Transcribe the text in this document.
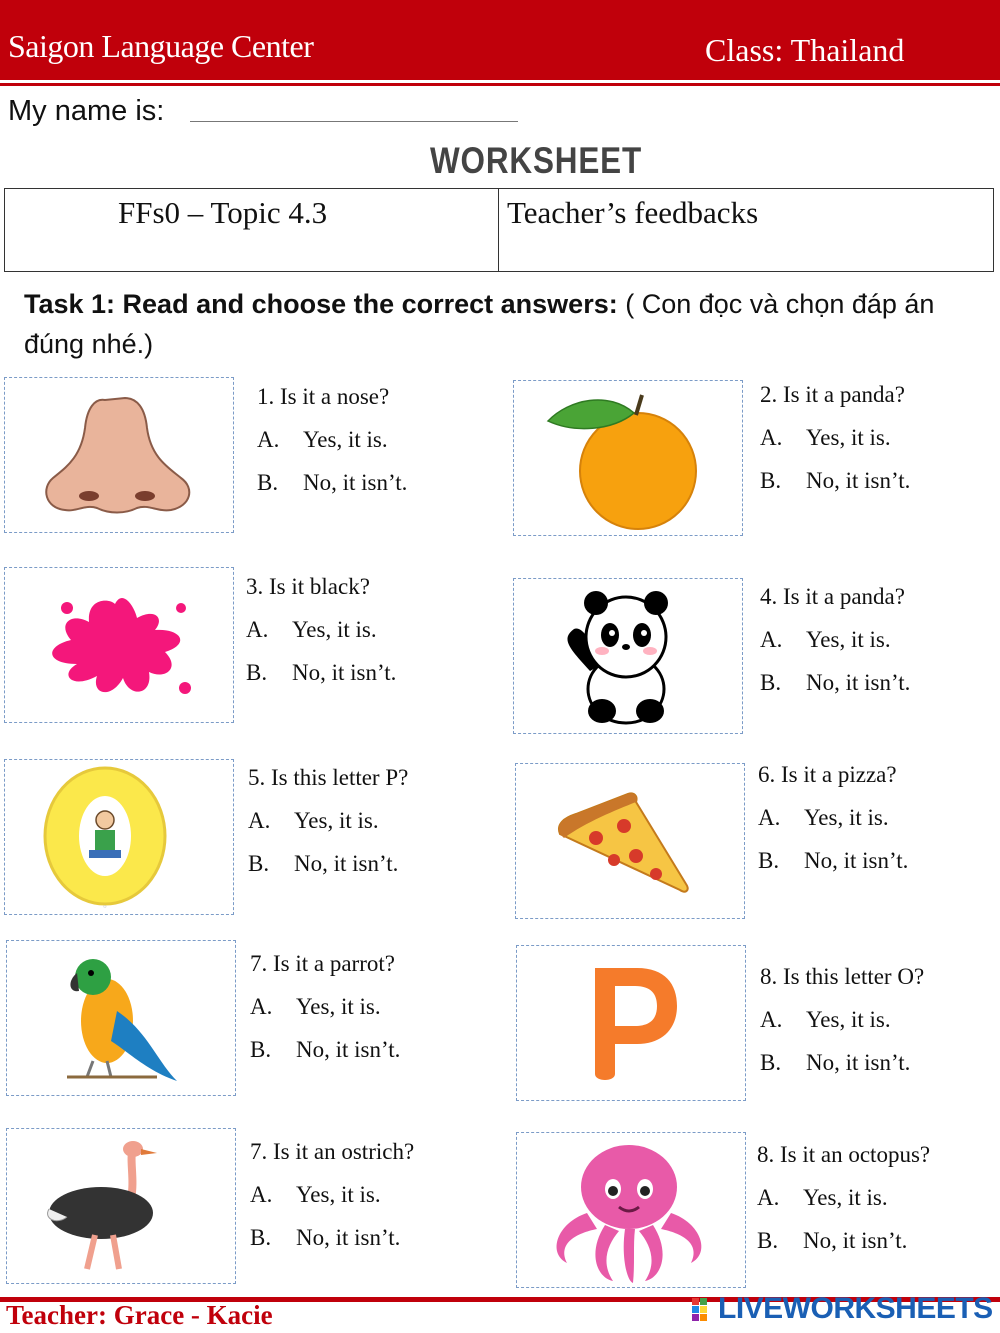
Saigon Language Center	Class: Thailand
My name is:
WORKSHEET
FFs0 – Topic 4.3	Teacher’s feedbacks
Task 1: Read and choose the correct answers: ( Con đọc và chọn đáp án đúng nhé.)
O
P
1. Is it a nose?
A.	Yes, it is.
B.	No, it isn’t.
2. Is it a panda?
A.	Yes, it is.
B.	No, it isn’t.
3. Is it black?
A.	Yes, it is.
B.	No, it isn’t.
4. Is it a panda?
A.	Yes, it is.
B.	No, it isn’t.
5. Is this letter P?
A.	Yes, it is.
B.	No, it isn’t.
6. Is it a pizza?
A.	Yes, it is.
B.	No, it isn’t.
7. Is it a parrot?
A.	Yes, it is.
B.	No, it isn’t.
8. Is this letter O?
A.	Yes, it is.
B.	No, it isn’t.
7. Is it an ostrich?
A.	Yes, it is.
B.	No, it isn’t.
8. Is it an octopus?
A.	Yes, it is.
B.	No, it isn’t.
Teacher: Grace - Kacie	LIVEWORKSHEETS
